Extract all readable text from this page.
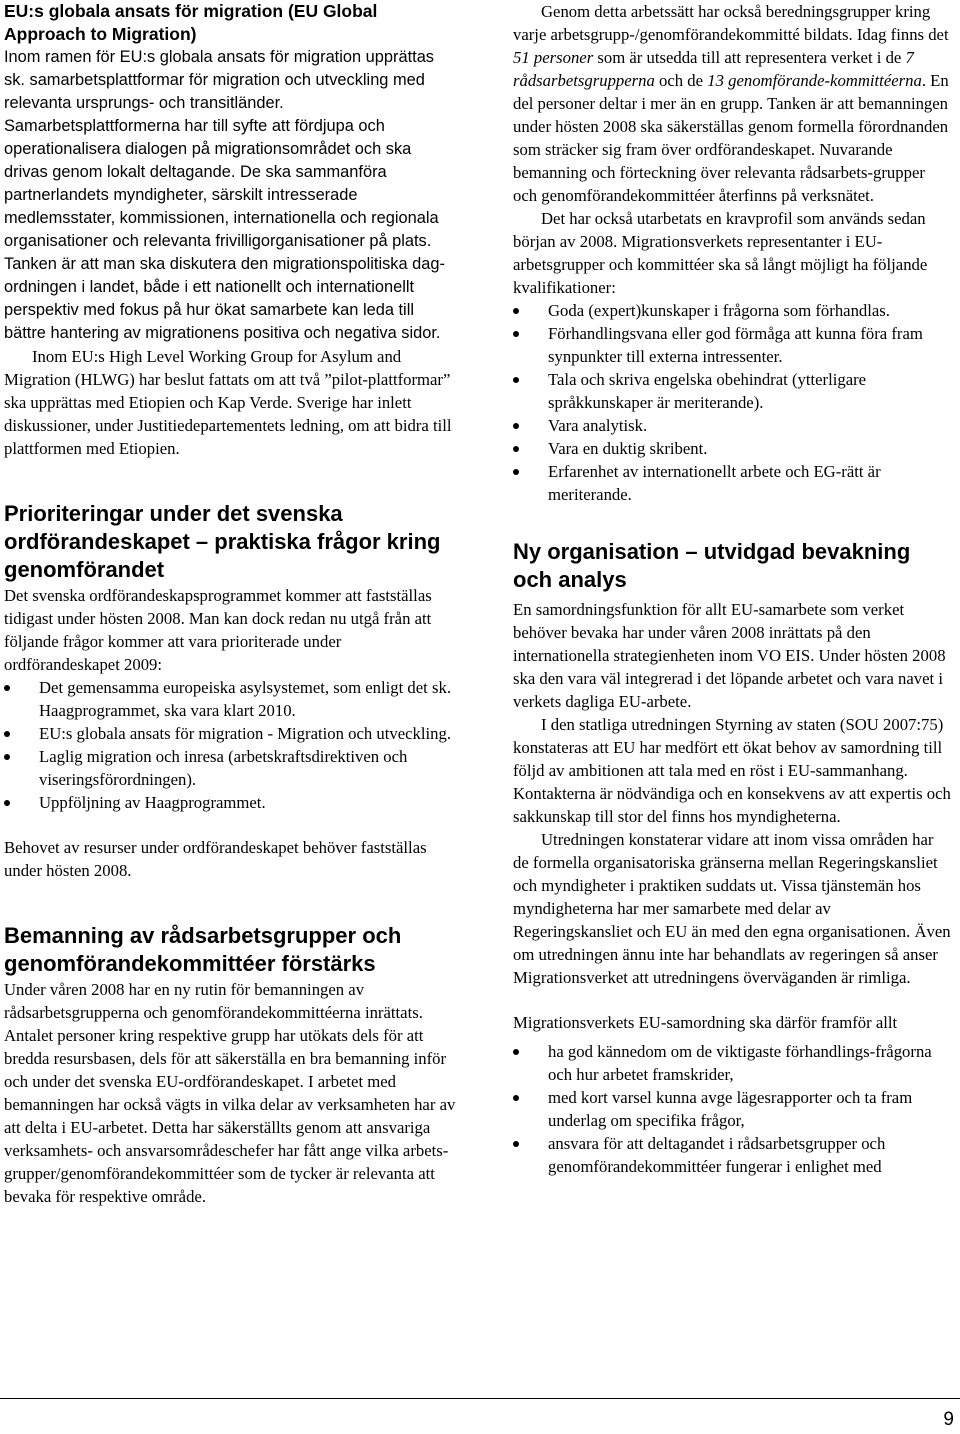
EU:s globala ansats för migration (EU Global Approach to Migration)

Inom ramen för EU:s globala ansats för migration upprättas sk. samarbetsplattformar för migration och utveckling med relevanta ursprungs- och transitländer. Samarbetsplattformerna har till syfte att fördjupa och operationalisera dialogen på migrationsområdet och ska drivas genom lokalt deltagande. De ska sammanföra partnerlandets myndigheter, särskilt intresserade medlemsstater, kommissionen, internationella och regionala organisationer och relevanta frivilligorganisationer på plats. Tanken är att man ska diskutera den migrationspolitiska dag-ordningen i landet, både i ett nationellt och internationellt perspektiv med fokus på hur ökat samarbete kan leda till bättre hantering av migrationens positiva och negativa sidor.

Inom EU:s High Level Working Group for Asylum and Migration (HLWG) har beslut fattats om att två ”pilot-plattformar” ska upprättas med Etiopien och Kap Verde. Sverige har inlett diskussioner, under Justitiedepartementets ledning, om att bidra till plattformen med Etiopien.

Prioriteringar under det svenska ordförandeskapet – praktiska frågor kring genomförandet

Det svenska ordförandeskapsprogrammet kommer att fastställas tidigast under hösten 2008. Man kan dock redan nu utgå från att följande frågor kommer att vara prioriterade under ordförandeskapet 2009:

Det gemensamma europeiska asylsystemet, som enligt det sk. Haagprogrammet, ska vara klart 2010.
EU:s globala ansats för migration - Migration och utveckling.
Laglig migration och inresa (arbetskraftsdirektiven och viseringsförordningen).
Uppföljning av Haagprogrammet.

Behovet av resurser under ordförandeskapet behöver fastställas under hösten 2008.

Bemanning av rådsarbetsgrupper och genomförandekommittéer förstärks

Under våren 2008 har en ny rutin för bemanningen av rådsarbetsgrupperna och genomförandekommittéerna inrättats. Antalet personer kring respektive grupp har utökats dels för att bredda resursbasen, dels för att säkerställa en bra bemanning inför och under det svenska EU-ordförandeskapet. I arbetet med bemanningen har också vägts in vilka delar av verksamheten har av att delta i EU-arbetet. Detta har säkerställts genom att ansvariga verksamhets- och ansvarsområdeschefer har fått ange vilka arbets-grupper/genomförandekommittéer som de tycker är relevanta att bevaka för respektive område.

Genom detta arbetssätt har också beredningsgrupper kring varje arbetsgrupp-/genomförandekommitté bildats. Idag finns det 51 personer som är utsedda till att representera verket i de 7 rådsarbetsgrupperna och de 13 genomförande-kommittéerna. En del personer deltar i mer än en grupp. Tanken är att bemanningen under hösten 2008 ska säkerställas genom formella förordnanden som sträcker sig fram över ordförandeskapet. Nuvarande bemanning och förteckning över relevanta rådsarbets-grupper och genomförandekommittéer återfinns på verksnätet.

Det har också utarbetats en kravprofil som används sedan början av 2008. Migrationsverkets representanter i EU-arbetsgrupper och kommittéer ska så långt möjligt ha följande kvalifikationer:

Goda (expert)kunskaper i frågorna som förhandlas.
Förhandlingsvana eller god förmåga att kunna föra fram synpunkter till externa intressenter.
Tala och skriva engelska obehindrat (ytterligare språkkunskaper är meriterande).
Vara analytisk.
Vara en duktig skribent.
Erfarenhet av internationellt arbete och EG-rätt är meriterande.
Ny organisation – utvidgad bevakning och analys

En samordningsfunktion för allt EU-samarbete som verket behöver bevaka har under våren 2008 inrättats på den internationella strategienheten inom VO EIS. Under hösten 2008 ska den vara väl integrerad i det löpande arbetet och vara navet i verkets dagliga EU-arbete.

I den statliga utredningen Styrning av staten (SOU 2007:75) konstateras att EU har medfört ett ökat behov av samordning till följd av ambitionen att tala med en röst i EU-sammanhang. Kontakterna är nödvändiga och en konsekvens av att expertis och sakkunskap till stor del finns hos myndigheterna.

Utredningen konstaterar vidare att inom vissa områden har de formella organisatoriska gränserna mellan Regeringskansliet och myndigheter i praktiken suddats ut. Vissa tjänstemän hos myndigheterna har mer samarbete med delar av Regeringskansliet och EU än med den egna organisationen. Även om utredningen ännu inte har behandlats av regeringen så anser Migrationsverket att utredningens överväganden är rimliga.

Migrationsverkets EU-samordning ska därför framför allt

ha god kännedom om de viktigaste förhandlings-frågorna och hur arbetet framskrider,
med kort varsel kunna avge lägesrapporter och ta fram underlag om specifika frågor,
ansvara för att deltagandet i rådsarbetsgrupper och genomförandekommittéer fungerar i enlighet med
9
